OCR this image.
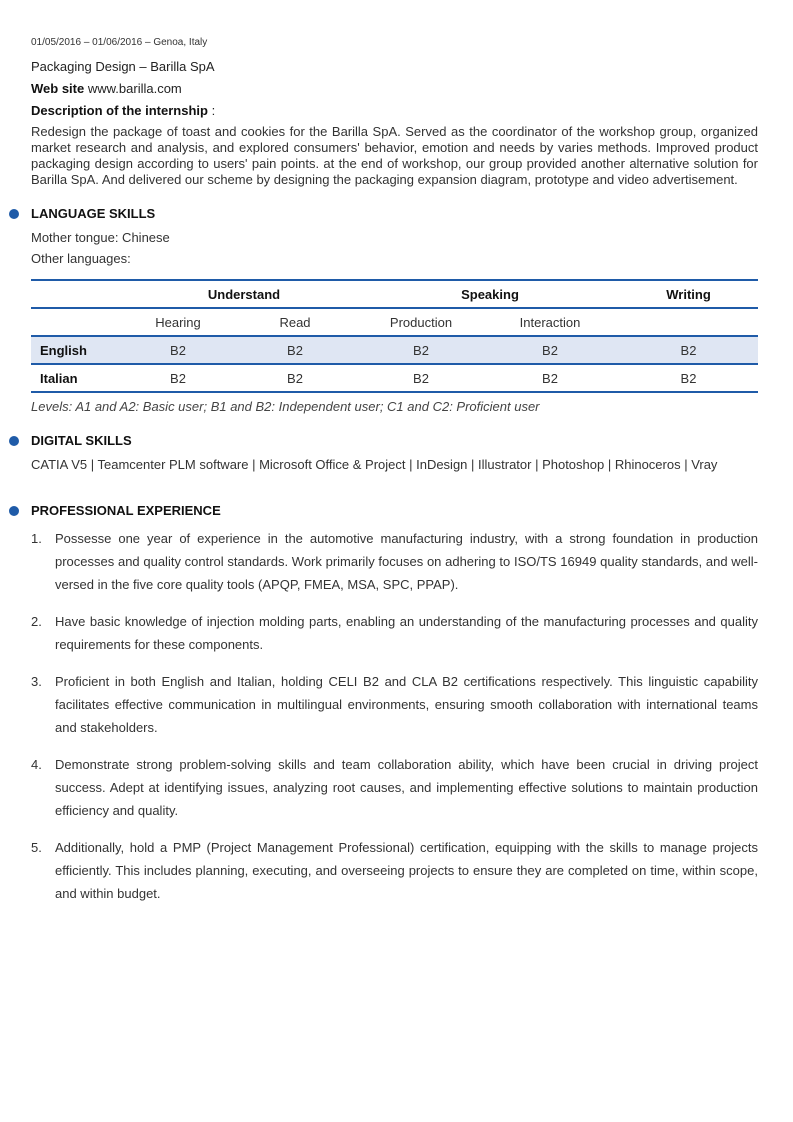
01/05/2016 – 01/06/2016 – Genoa, Italy
Packaging Design – Barilla SpA
Web site www.barilla.com
Description of the internship :
Redesign the package of toast and cookies for the Barilla SpA. Served as the coordinator of the workshop group, organized market research and analysis, and explored consumers' behavior, emotion and needs by varies methods. Improved product packaging design according to users' pain points. at the end of workshop, our group provided another alternative solution for Barilla SpA. And delivered our scheme by designing the packaging expansion diagram, prototype and video advertisement.
LANGUAGE SKILLS
Mother tongue: Chinese
Other languages:
	Understand		Speaking		Writing
	Hearing	Read	Production	Interaction	
English	B2	B2	B2	B2	B2
Italian	B2	B2	B2	B2	B2
Levels: A1 and A2: Basic user; B1 and B2: Independent user; C1 and C2: Proficient user
DIGITAL SKILLS
CATIA V5 | Teamcenter PLM software | Microsoft Office & Project | InDesign | Illustrator | Photoshop | Rhinoceros | Vray
PROFESSIONAL EXPERIENCE
1. Possesse one year of experience in the automotive manufacturing industry, with a strong foundation in production processes and quality control standards. Work primarily focuses on adhering to ISO/TS 16949 quality standards, and well-versed in the five core quality tools (APQP, FMEA, MSA, SPC, PPAP).
2. Have basic knowledge of injection molding parts, enabling an understanding of the manufacturing processes and quality requirements for these components.
3. Proficient in both English and Italian, holding CELI B2 and CLA B2 certifications respectively. This linguistic capability facilitates effective communication in multilingual environments, ensuring smooth collaboration with international teams and stakeholders.
4. Demonstrate strong problem-solving skills and team collaboration ability, which have been crucial in driving project success. Adept at identifying issues, analyzing root causes, and implementing effective solutions to maintain production efficiency and quality.
5. Additionally, hold a PMP (Project Management Professional) certification, equipping with the skills to manage projects efficiently. This includes planning, executing, and overseeing projects to ensure they are completed on time, within scope, and within budget.
